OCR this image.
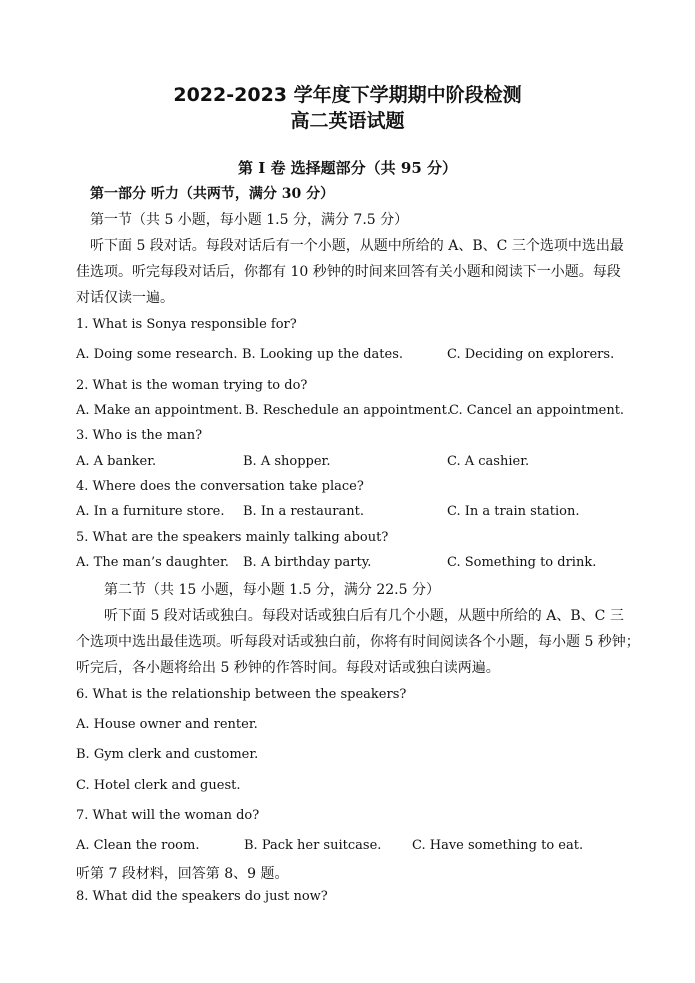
2022-2023 学年度下学期期中阶段检测
高二英语试题
第 I 卷 选择题部分（共 95 分）
第一部分 听力（共两节，满分 30 分）
第一节（共 5 小题，每小题 1.5 分，满分 7.5 分）
听下面 5 段对话。每段对话后有一个小题，从题中所给的 A、B、C 三个选项中选出最
佳选项。听完每段对话后，你都有 10 秒钟的时间来回答有关小题和阅读下一小题。每段
对话仅读一遍。
1. What is Sonya responsible for?
A. Doing some research. B. Looking up the dates.	C. Deciding on explorers.
2. What is the woman trying to do?
A. Make an appointment. B. Reschedule an appointment.
C. Cancel an appointment.
3. Who is the man?
A. A banker.	B. A shopper.	C. A cashier.
4. Where does the conversation take place?
A. In a furniture store. B. In a restaurant.	C. In a train station.
5. What are the speakers mainly talking about?
A. The man’s daughter. B. A birthday party.	C. Something to drink.
第二节（共 15 小题，每小题 1.5 分，满分 22.5 分）
听下面 5 段对话或独白。每段对话或独白后有几个小题，从题中所给的 A、B、C 三
个选项中选出最佳选项。听每段对话或独白前，你将有时间阅读各个小题，每小题 5 秒钟；
听完后，各小题将给出 5 秒钟的作答时间。每段对话或独白读两遍。
6. What is the relationship between the speakers?
A. House owner and renter.
B. Gym clerk and customer.
C. Hotel clerk and guest.
7. What will the woman do?
A. Clean the room.	B. Pack her suitcase. C. Have something to eat.
听第 7 段材料，回答第 8、9 题。
8. What did the speakers do just now?
